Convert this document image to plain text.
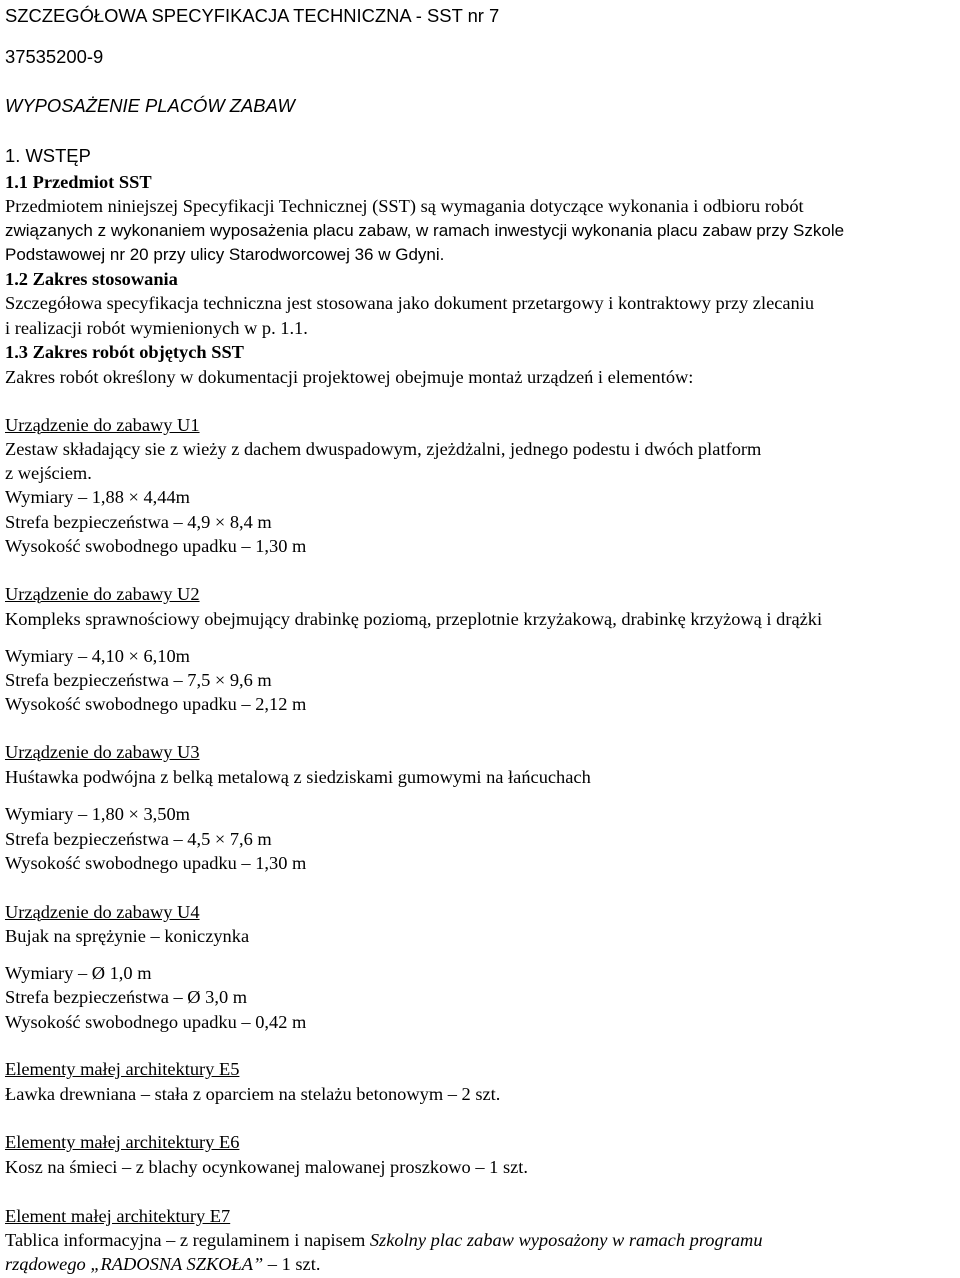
SZCZEGÓŁOWA SPECYFIKACJA TECHNICZNA - SST nr 7
37535200-9
WYPOSAŻENIE PLACÓW ZABAW
1. WSTĘP
1.1 Przedmiot SST
Przedmiotem niniejszej Specyfikacji Technicznej (SST) są wymagania dotyczące wykonania i odbioru robót
związanych z wykonaniem wyposażenia placu zabaw, w ramach inwestycji wykonania placu zabaw przy Szkole
Podstawowej nr 20 przy ulicy Starodworcowej 36 w Gdyni.
1.2 Zakres stosowania
Szczegółowa specyfikacja techniczna jest stosowana jako dokument przetargowy i kontraktowy przy zlecaniu
i realizacji robót wymienionych w p. 1.1.
1.3 Zakres robót objętych SST
Zakres robót określony w dokumentacji projektowej obejmuje montaż urządzeń i elementów:
Urządzenie do zabawy U1
Zestaw składający sie z wieży z dachem dwuspadowym, zjeżdżalni, jednego podestu i dwóch platform
z wejściem.
Wymiary – 1,88 × 4,44m
Strefa bezpieczeństwa – 4,9 × 8,4 m
Wysokość swobodnego upadku – 1,30 m
Urządzenie do zabawy U2
Kompleks sprawnościowy obejmujący drabinkę poziomą, przeplotnie krzyżakową, drabinkę krzyżową i drążki
Wymiary – 4,10 × 6,10m
Strefa bezpieczeństwa – 7,5 × 9,6 m
Wysokość swobodnego upadku – 2,12 m
Urządzenie do zabawy U3
Huśtawka podwójna z belką metalową z siedziskami gumowymi na łańcuchach
Wymiary – 1,80 × 3,50m
Strefa bezpieczeństwa – 4,5 × 7,6 m
Wysokość swobodnego upadku – 1,30 m
Urządzenie do zabawy U4
Bujak na sprężynie – koniczynka
Wymiary – Ø 1,0 m
Strefa bezpieczeństwa – Ø 3,0 m
Wysokość swobodnego upadku – 0,42 m
Elementy małej architektury E5
Ławka drewniana – stała z oparciem na stelażu betonowym – 2 szt.
Elementy małej architektury E6
Kosz na śmieci – z blachy ocynkowanej malowanej proszkowo – 1 szt.
Element małej architektury E7
Tablica informacyjna – z regulaminem i napisem Szkolny plac zabaw wyposażony w ramach programu
rządowego „RADOSNA SZKOŁA” – 1 szt.
